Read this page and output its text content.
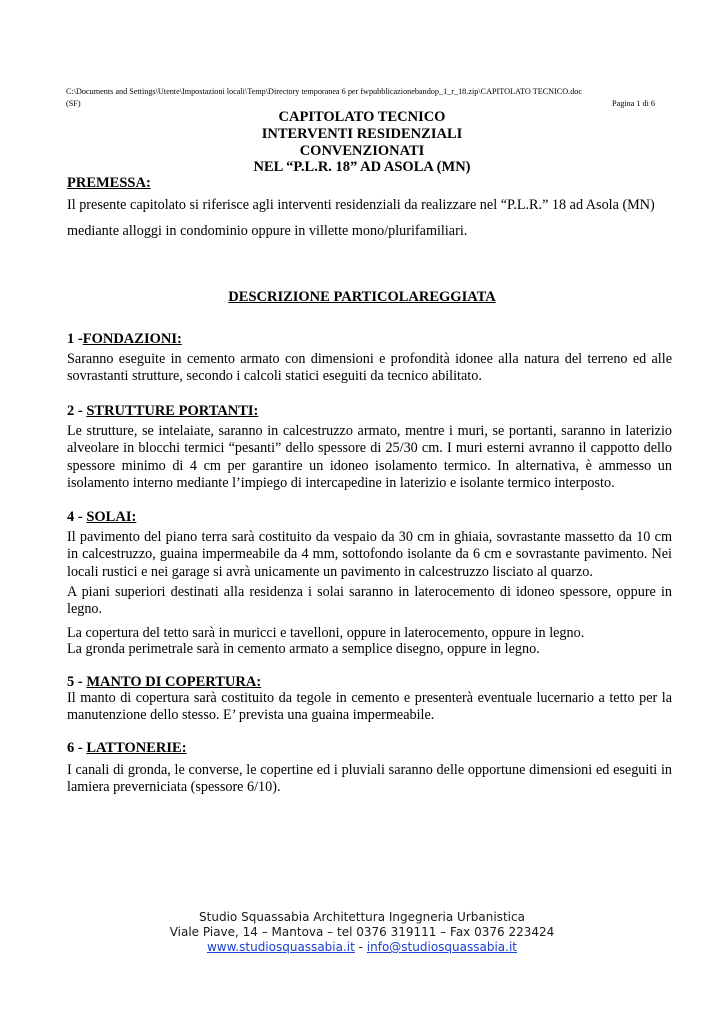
C:\Documents and Settings\Utente\Impostazioni locali\Temp\Directory temporanea 6 per fwpubblicazionebandop_1_r_18.zip\CAPITOLATO TECNICO.doc
(SF)	Pagina 1 di 6
CAPITOLATO TECNICO
INTERVENTI RESIDENZIALI
CONVENZIONATI
NEL “P.L.R. 18” AD ASOLA (MN)
PREMESSA:
Il presente capitolato si riferisce agli interventi residenziali da realizzare nel “P.L.R.” 18 ad Asola (MN)
mediante alloggi in condominio oppure in villette mono/plurifamiliari.
DESCRIZIONE PARTICOLAREGGIATA
1 -FONDAZIONI:
Saranno eseguite in cemento armato con dimensioni e profondità idonee alla natura del terreno ed alle sovrastanti strutture, secondo i calcoli statici eseguiti da tecnico abilitato.
2 - STRUTTURE PORTANTI:
Le strutture, se intelaiate, saranno in calcestruzzo armato, mentre i muri, se portanti, saranno in laterizio alveolare in blocchi termici “pesanti” dello spessore di 25/30 cm. I muri esterni avranno il cappotto dello spessore minimo di 4 cm per garantire un idoneo isolamento termico. In alternativa, è ammesso un isolamento interno mediante l’impiego di intercapedine in laterizio e isolante termico interposto.
4 - SOLAI:
Il pavimento del piano terra sarà costituito da vespaio da 30 cm in ghiaia, sovrastante massetto da 10 cm in calcestruzzo, guaina impermeabile da 4 mm, sottofondo isolante da 6 cm e sovrastante pavimento. Nei locali rustici e nei garage si avrà unicamente un pavimento in calcestruzzo lisciato al quarzo.
A piani superiori destinati alla residenza i solai saranno in laterocemento di idoneo spessore, oppure in legno.
La copertura del tetto sarà in muricci e tavelloni, oppure in laterocemento, oppure in legno.
La gronda perimetrale sarà in cemento armato a semplice disegno, oppure in legno.
5 - MANTO DI COPERTURA:
Il manto di copertura sarà costituito da tegole in cemento e presenterà eventuale lucernario a tetto per la manutenzione dello stesso. E’ prevista una guaina impermeabile.
6 - LATTONERIE:
I canali di gronda, le converse, le copertine ed i pluviali saranno delle opportune dimensioni ed eseguiti in lamiera preverniciata (spessore 6/10).
Studio Squassabia Architettura Ingegneria Urbanistica
Viale Piave, 14 – Mantova – tel 0376 319111 – Fax 0376 223424
www.studiosquassabia.it - info@studiosquassabia.it
